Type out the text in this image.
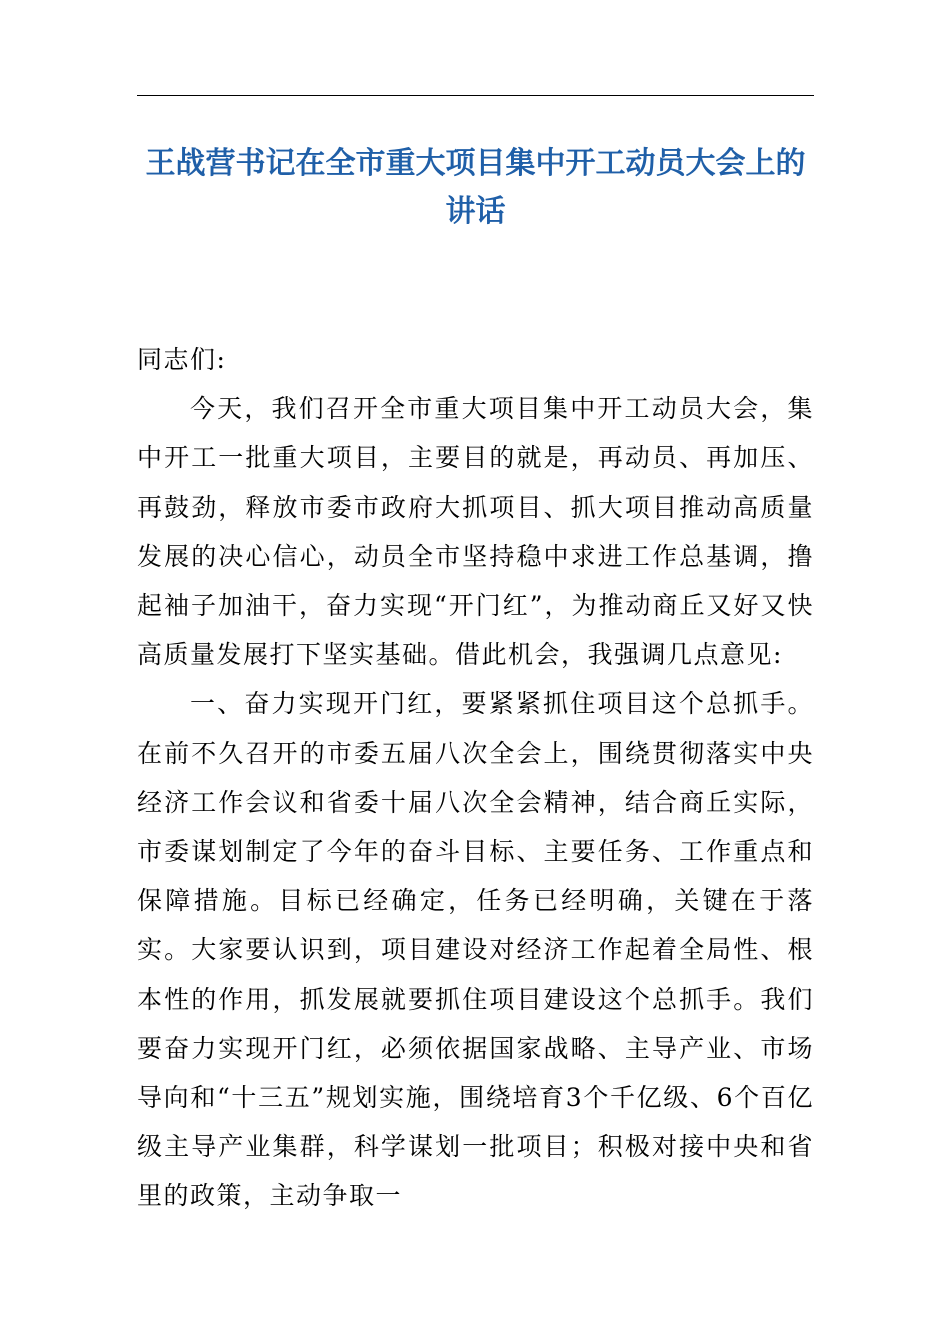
王战营书记在全市重大项目集中开工动员大会上的讲话

同志们:

今天，我们召开全市重大项目集中开工动员大会，集中开工一批重大项目，主要目的就是，再动员、再加压、再鼓劲，释放市委市政府大抓项目、抓大项目推动高质量发展的决心信心，动员全市坚持稳中求进工作总基调，撸起袖子加油干，奋力实现“开门红”，为推动商丘又好又快高质量发展打下坚实基础。借此机会，我强调几点意见:

一、奋力实现开门红，要紧紧抓住项目这个总抓手。在前不久召开的市委五届八次全会上，围绕贯彻落实中央经济工作会议和省委十届八次全会精神，结合商丘实际，市委谋划制定了今年的奋斗目标、主要任务、工作重点和保障措施。目标已经确定，任务已经明确，关键在于落实。大家要认识到，项目建设对经济工作起着全局性、根本性的作用，抓发展就要抓住项目建设这个总抓手。我们要奋力实现开门红，必须依据国家战略、主导产业、市场导向和“十三五”规划实施，围绕培育3个千亿级、6个百亿级主导产业集群，科学谋划一批项目；积极对接中央和省里的政策，主动争取一
